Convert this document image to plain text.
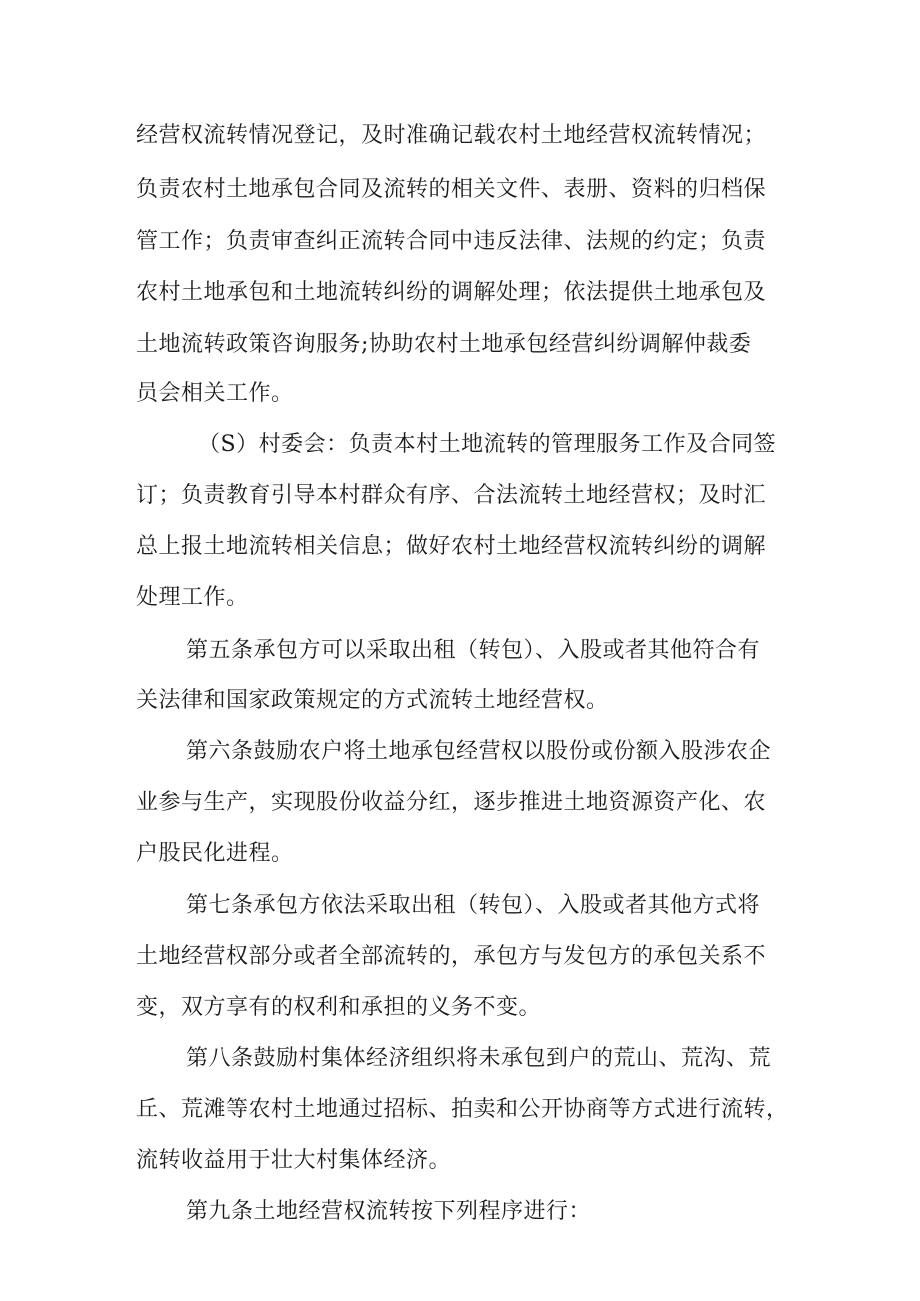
经营权流转情况登记，及时准确记载农村土地经营权流转情况；
负责农村土地承包合同及流转的相关文件、表册、资料的归档保
管工作；负责审查纠正流转合同中违反法律、法规的约定；负责
农村土地承包和土地流转纠纷的调解处理；依法提供土地承包及
土地流转政策咨询服务;协助农村土地承包经营纠纷调解仲裁委
员会相关工作。
（S）村委会：负责本村土地流转的管理服务工作及合同签
订；负责教育引导本村群众有序、合法流转土地经营权；及时汇
总上报土地流转相关信息；做好农村土地经营权流转纠纷的调解
处理工作。
第五条承包方可以采取出租（转包）、入股或者其他符合有
关法律和国家政策规定的方式流转土地经营权。
第六条鼓励农户将土地承包经营权以股份或份额入股涉农企
业参与生产，实现股份收益分红，逐步推进土地资源资产化、农
户股民化进程。
第七条承包方依法采取出租（转包）、入股或者其他方式将
土地经营权部分或者全部流转的，承包方与发包方的承包关系不
变，双方享有的权利和承担的义务不变。
第八条鼓励村集体经济组织将未承包到户的荒山、荒沟、荒
丘、荒滩等农村土地通过招标、拍卖和公开协商等方式进行流转，
流转收益用于壮大村集体经济。
第九条土地经营权流转按下列程序进行：
